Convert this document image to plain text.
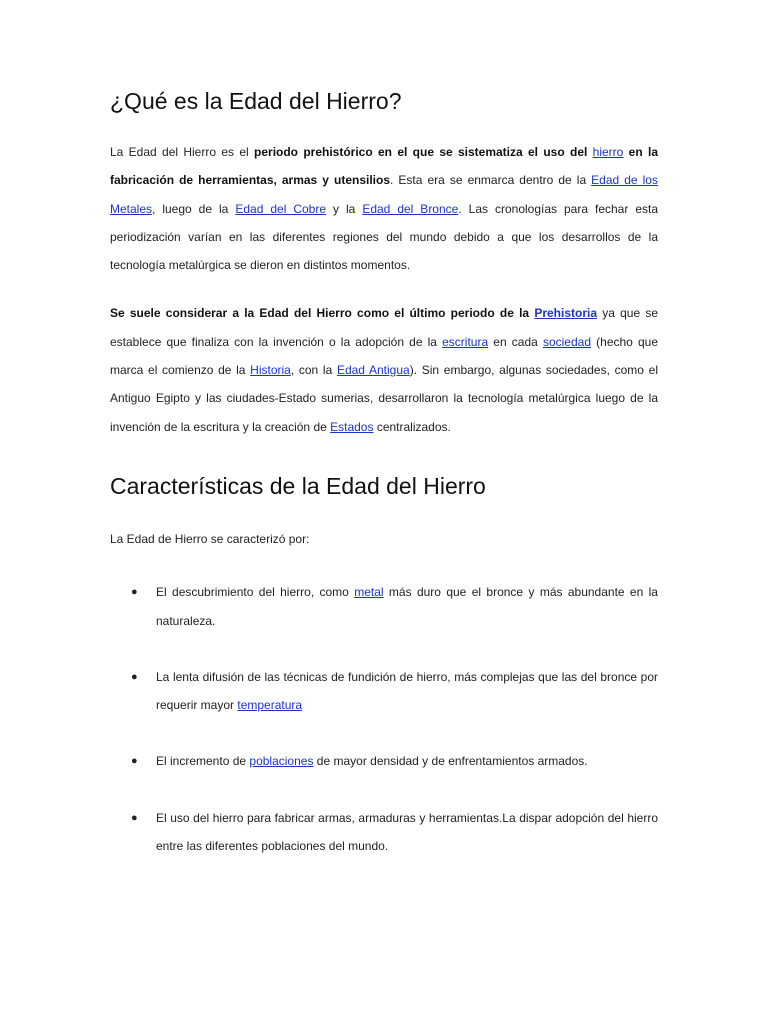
¿Qué es la Edad del Hierro?

La Edad del Hierro es el periodo prehistórico en el que se sistematiza el uso del hierro en la fabricación de herramientas, armas y utensilios. Esta era se enmarca dentro de la Edad de los Metales, luego de la Edad del Cobre y la Edad del Bronce. Las cronologías para fechar esta periodización varían en las diferentes regiones del mundo debido a que los desarrollos de la tecnología metalúrgica se dieron en distintos momentos.

Se suele considerar a la Edad del Hierro como el último periodo de la Prehistoria ya que se establece que finaliza con la invención o la adopción de la escritura en cada sociedad (hecho que marca el comienzo de la Historia, con la Edad Antigua). Sin embargo, algunas sociedades, como el Antiguo Egipto y las ciudades-Estado sumerias, desarrollaron la tecnología metalúrgica luego de la invención de la escritura y la creación de Estados centralizados.

Características de la Edad del Hierro

La Edad de Hierro se caracterizó por:

● El descubrimiento del hierro, como metal más duro que el bronce y más abundante en la naturaleza.
● La lenta difusión de las técnicas de fundición de hierro, más complejas que las del bronce por requerir mayor temperatura
● El incremento de poblaciones de mayor densidad y de enfrentamientos armados.
● El uso del hierro para fabricar armas, armaduras y herramientas.La dispar adopción del hierro entre las diferentes poblaciones del mundo.
